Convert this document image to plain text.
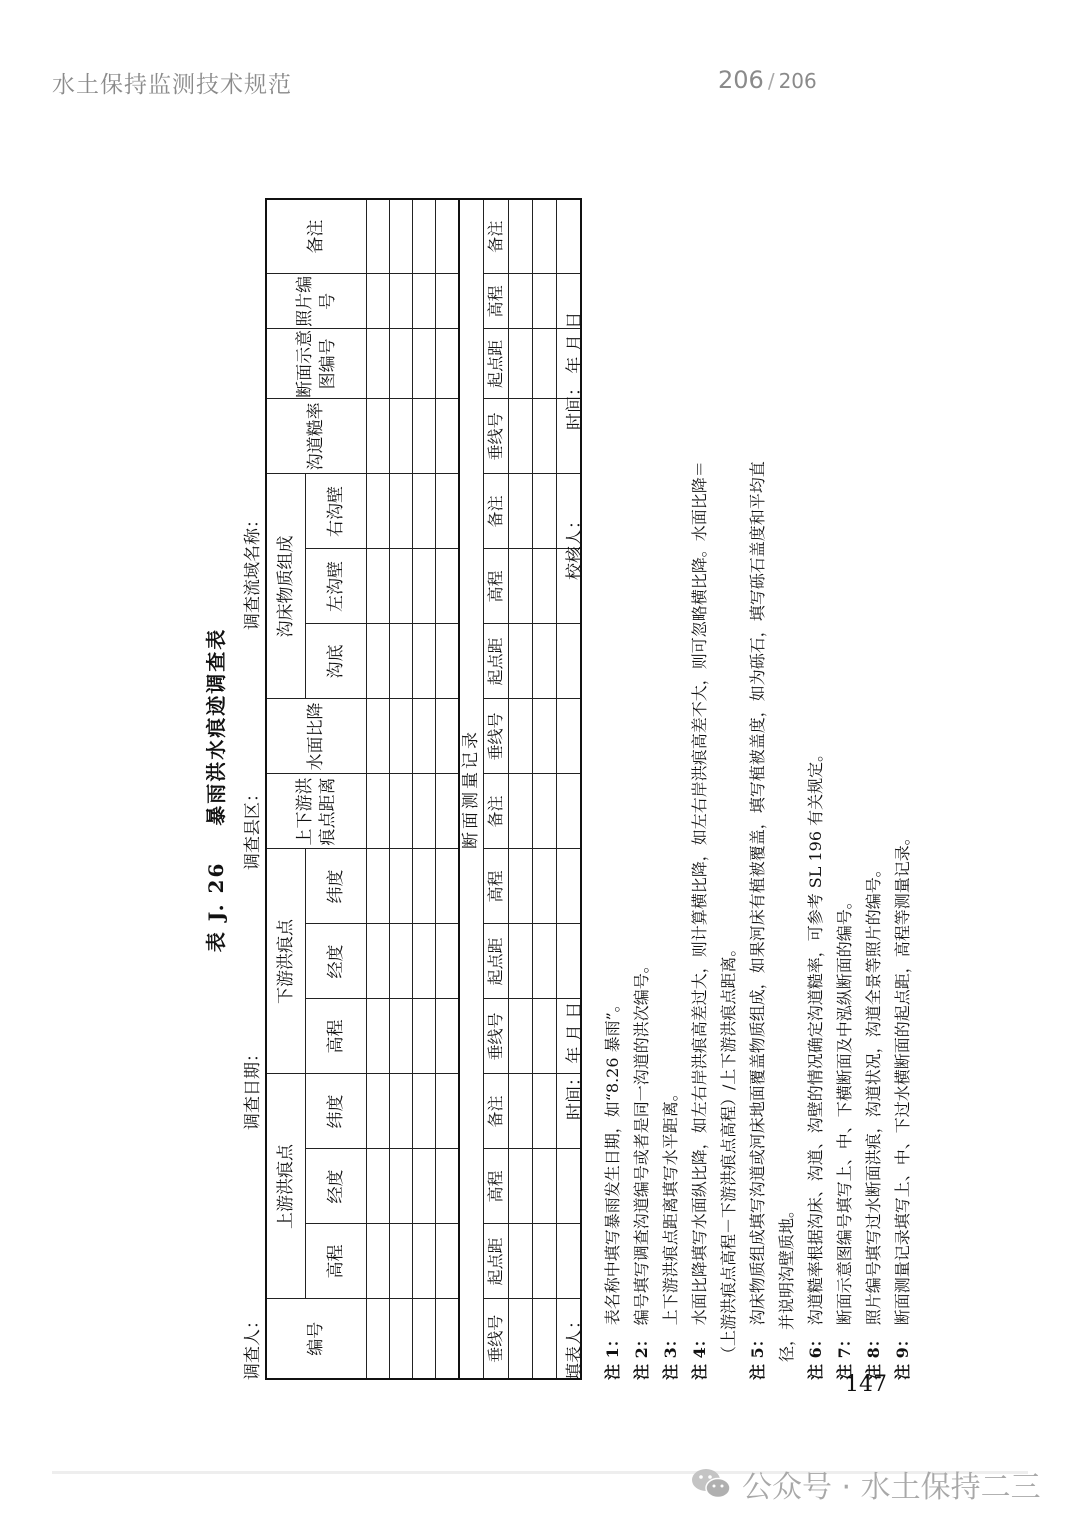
水土保持监测技术规范	206 / 206
表 J. 26    暴雨洪水痕迹调查表
调查人：
调查日期：
调查县区：
调查流域名称：
编号	上游洪痕点			下游洪痕点			上下游洪痕点距离	水面比降	沟床物质组成			沟道糙率	断面示意图编号	照片编号	备注
	高程	经度	纬度	高程	经度	纬度			沟底	左沟壁	右沟壁				

断面测量记录															
垂线号	起点距	高程	备注	垂线号	起点距	高程	备注	垂线号	起点距	高程	备注	垂线号	起点距	高程	备注

填表人：
时间： 年 月 日
校核人：
时间： 年 月 日
注 1：表名称中填写暴雨发生日期，如“8.26 暴雨”。
注 2：编号填写调查沟道编号或者是同一沟道的洪次编号。
注 3：上下游洪痕点距离填写水平距离。
注 4：水面比降填写水面纵比降，如左右岸洪痕高差过大，则计算横比降，如左右岸洪痕高差不大，则可忽略横比降。水面比降＝ （上游洪痕点高程－下游洪痕点高程）/上下游洪痕点距离。 注 5：沟床物质组成填写沟道或河床地面覆盖物质组成，如果河床有植被覆盖，填写植被盖度，如为砾石，填写砾石盖度和平均直 径，并说明沟壁质地。 注 6：沟道糙率根据沟床、沟道、沟壁的情况确定沟道糙率，可参考 SL 196 有关规定。
注 7：断面示意图编号填写上、中、下横断面及中泓纵断面的编号。
注 8：照片编号填写过水断面洪痕，沟道状况，沟道全景等照片的编号。
注 9：断面测量记录填写上、中、下过水横断面的起点距，高程等测量记录。
147
公众号 · 水土保持二三
